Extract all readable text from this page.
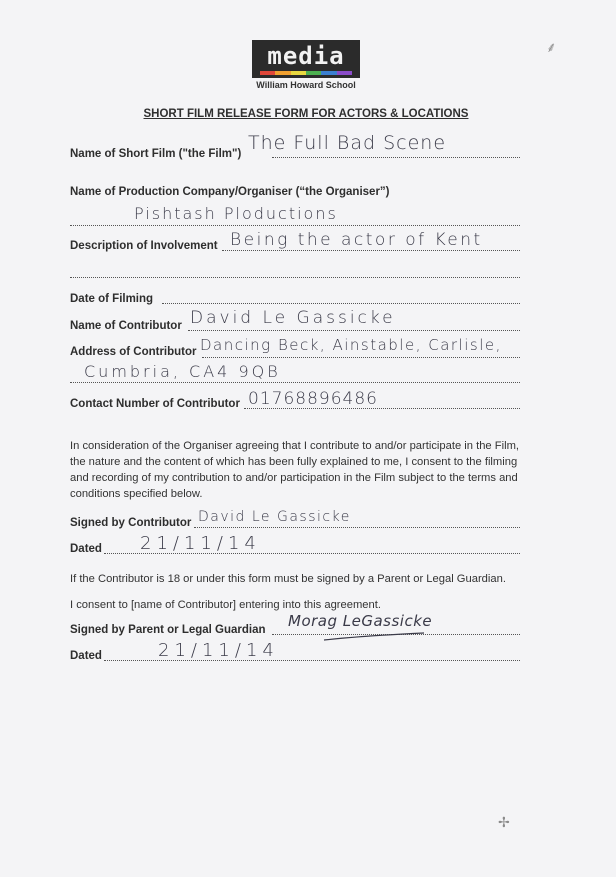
media
William Howard School
SHORT FILM RELEASE FORM FOR ACTORS & LOCATIONS
Name of Short Film ("the Film") The Full Bad Scene
Name of Production Company/Organiser (“the Organiser”)
Pishtash Ploductions
Description of Involvement Being the actor of Kent
Date of Filming
Name of Contributor David Le Gassicke
Address of Contributor Dancing Beck, Ainstable, Carlisle,
Cumbria, CA4 9QB
Contact Number of Contributor 01768896486
In consideration of the Organiser agreeing that I contribute to and/or participate in the Film,
the nature and the content of which has been fully explained to me, I consent to the filming
and recording of my contribution to and/or participation in the Film subject to the terms and
conditions specified below.
Signed by Contributor David Le Gassicke
Dated 21/11/14
If the Contributor is 18 or under this form must be signed by a Parent or Legal Guardian.
I consent to [name of Contributor] entering into this agreement.
Signed by Parent or Legal Guardian Morag LeGassicke
Dated	21/11/14
⸙
✢
